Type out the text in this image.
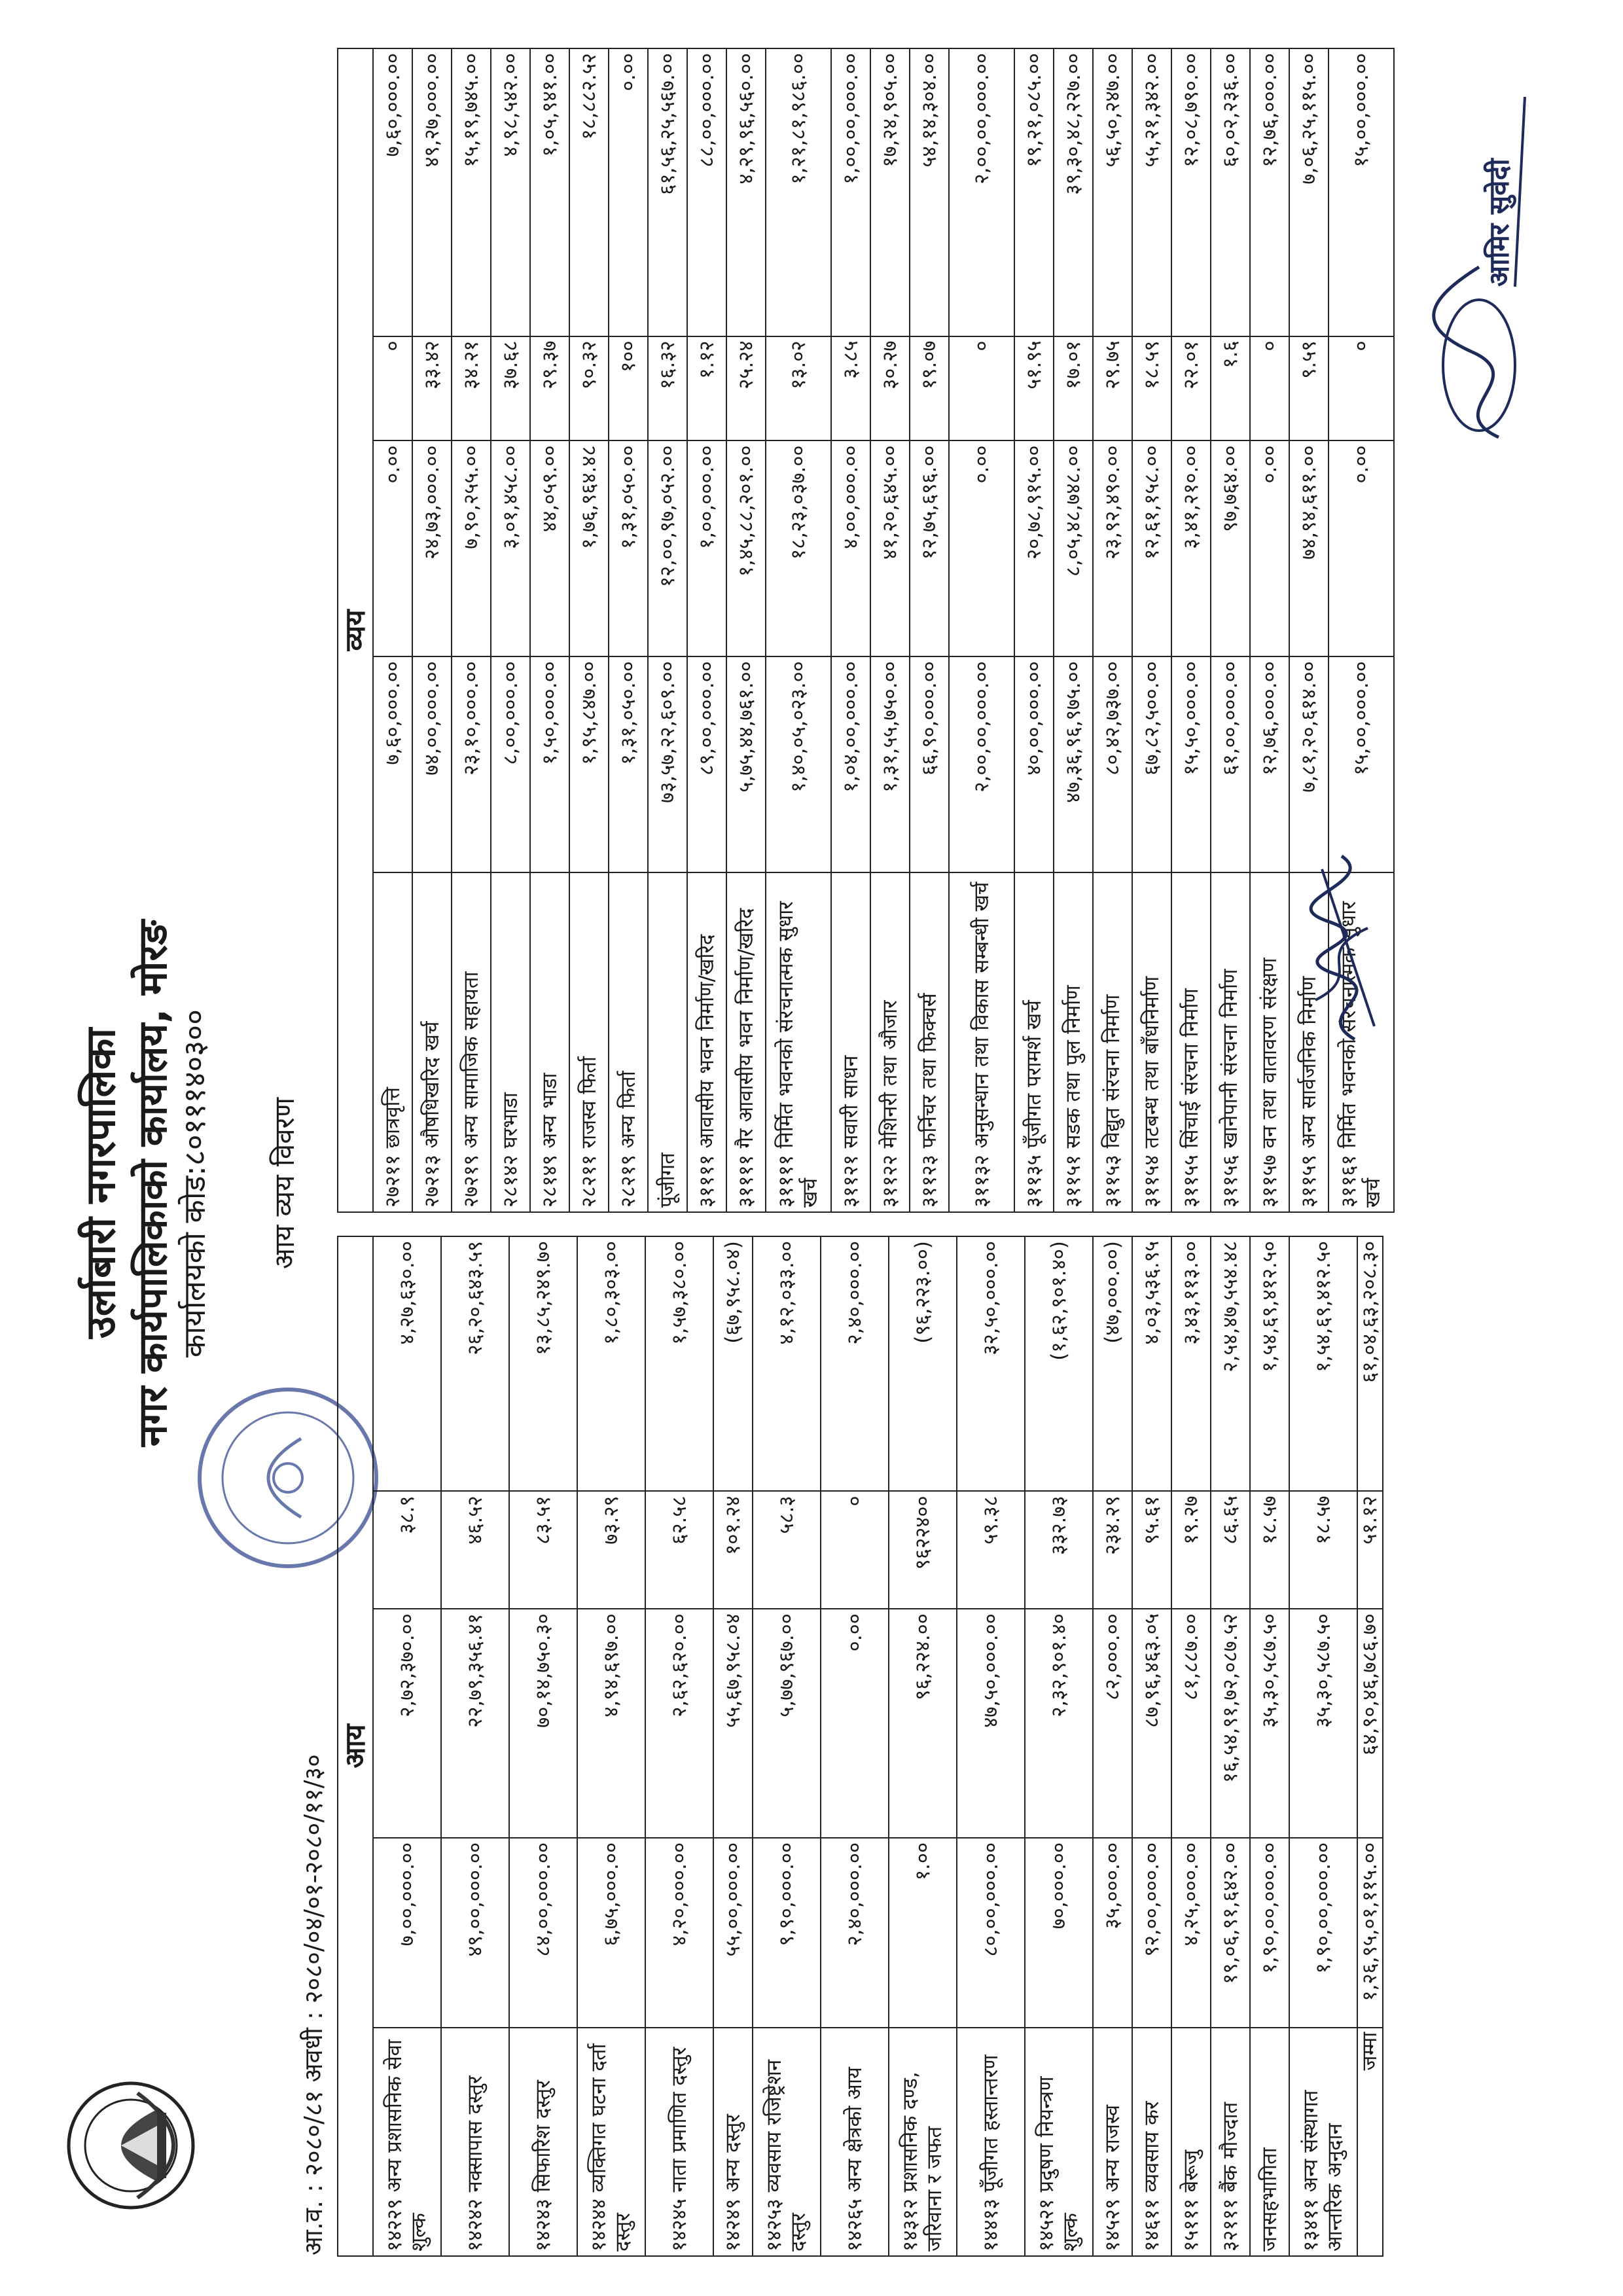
उर्लाबारी नगरपालिका नगर कार्यपालिकाको कार्यालय, मोरङ कार्यालयको कोड:८०१११४०३०० आय व्यय विवरण
आ.व. : २०८०/८१ अवधी : २०८०/०४/०१-२०८०/११/३०
आय				
१४२२९ अन्य प्रशासनिक सेवा शुल्क	७,००,०००.००	२,७२,३७०.००	३८.९	४,२७,६३०.००
१४२४२ नक्सापास दस्तुर	४९,००,०००.००	२२,७९,३५६.४१	४६.५२	२६,२०,६४३.५९
१४२४३ सिफारिश दस्तुर	८४,००,०००.००	७०,१४,७५०.३०	८३.५१	१३,८५,२४९.७०
१४२४४ व्यक्तिगत घटना दर्ता दस्तुर	६,७५,०००.००	४,९४,६९७.००	७३.२९	१,८०,३०३.००
१४२४५ नाता प्रमाणित दस्तुर	४,२०,०००.००	२,६२,६२०.००	६२.५८	१,५७,३८०.००
१४२४९ अन्य दस्तुर	५५,००,०००.००	५५,६७,९५८.०४	१०१.२४	(६७,९५८.०४)
१४२५३ व्यवसाय रजिष्ट्रेशन दस्तुर	९,९०,०००.००	५,७७,९६७.००	५८.३	४,१२,०३३.००
१४२६५ अन्य क्षेत्रको आय	२,४०,०००.००	०.००	०	२,४०,०००.००
१४३१२ प्रशासनिक दण्ड, जरिवाना र जफत	१.००	९६,२२४.००	९६२२४००	(९६,२२३.००)
१४४१३ पूँजीगत हस्तान्तरण	८०,००,०००.००	४७,५०,०००.००	५९.३८	३२,५०,०००.००
१४५२१ प्रदुषण नियन्त्रण शुल्क	७०,०००.००	२,३२,९०१.४०	३३२.७३	(१,६२,९०१.४०)
१४५२९ अन्य राजस्व	३५,०००.००	८२,०००.००	२३४.२९	(४७,०००.००)
१४६११ व्यवसाय कर	९२,००,०००.००	८७,९६,४६३.०५	९५.६१	४,०३,५३६.९५
१५१११ बेरूजु	४,२५,०००.००	८१,८८७.००	१९.२७	३,४३,११३.००
३२१११ बैंक मौज्दात	१९,०६,९१,६४२.००	१६,५४,९१,७२,०८७.५२	८६.६५	२,५४,४७,५५४.४८
जनसहभागिता	१,९०,००,०००.००	३५,३०,५८७.५०	१८.५७	१,५४,६९,४१२.५०
१३४११ अन्य संस्थागत आन्तरिक अनुदान	१,९०,००,०००.००	३५,३०,५८७.५०	१८.५७	१,५४,६९,४१२.५०
जम्मा	१,२६,९५,०१,११५.००	६४,९०,४६,७८६.७०	५१.१२	६१,०४,६३,२०८.३०
व्यय				
२७२११ छात्रवृत्ति	७,६०,०००.००	०.००	०	७,६०,०००.००
२७२१३ औषधिखरिद खर्च	७४,००,०००.००	२४,७३,०००.००	३३.४२	४९,२७,०००.००
२७२१९ अन्य सामाजिक सहायता	२३,१०,०००.००	७,९०,२५५.००	३४.२१	१५,१९,७४५.००
२८१४२ घरभाडा	८,००,०००.००	३,०१,४५८.००	३७.६८	४,९८,५४२.००
२८१४९ अन्य भाडा	१,५०,०००.००	४४,०५९.००	२९.३७	१,०५,९४१.००
२८२११ राजस्व फिर्ता	१,९५,८४७.००	१,७६,९६४.४८	९०.३२	१८,८८२.५२
२८२१९ अन्य फिर्ता	१,३१,०५०.००	१,३१,०५०.००	१००	०.००
पूंजीगत	७३,५७,२२,६०९.००	१२,००,९७,०५२.००	१६.३२	६१,५६,२५,५६७.००
३११११ आवासीय भवन निर्माण/खरिद	८९,००,०००.००	१,००,०००.००	१.१२	८८,००,०००.००
३११११ गैर आवासीय भवन निर्माण/खरिद	५,७५,४४,७६१.००	१,४५,८८,२०१.००	२५.२४	४,२९,९६,५६०.००
३११११ निर्मित भवनको संरचनात्मक सुधार खर्च	१,४०,०५,०२३.००	१८,२३,०३७.००	१३.०२	१,२१,८१,९८६.००
३११२१ सवारी साधन	१,०४,००,०००.००	४,००,०००.००	३.८५	१,००,००,०००.००
३११२२ मेशिनरी तथा औजार	१,३१,५५,७५०.००	४१,२०,६४५.००	३०.२७	१७,२४,९०५.००
३११२३ फर्निचर तथा फिक्चर्स	६६,९०,०००.००	१२,७५,६९६.००	१९.०७	५४,१४,३०४.००
३११३२ अनुसन्धान तथा विकास सम्बन्धी खर्च	२,००,००,०००.००	०.००	०	२,००,००,०००.००
३११३५ पूँजीगत परामर्श खर्च	४०,००,०००.००	२०,७८,९१५.००	५१.९५	१९,२१,०८५.००
३११५१ सडक तथा पुल निर्माण	४७,३६,९६,९७५.००	८,०५,४८,७४८.००	१७.०१	३९,३०,४८,२२७.००
३११५३ विद्युत संरचना निर्माण	८०,४२,७३७.००	२३,९२,४९०.००	२९.७५	५६,५०,२४७.००
३११५४ तटबन्ध तथा बाँधनिर्माण	६७,८२,५००.००	१२,६१,१५८.००	१८.५९	५५,२१,३४२.००
३११५५ सिंचाई संरचना निर्माण	१५,५०,०००.००	३,४१,२१०.००	२२.०१	१२,०८,७९०.००
३११५६ खानेपानी संरचना निर्माण	६१,००,०००.००	९७,७६४.००	१.६	६०,०२,२३६.००
३११५७ वन तथा वातावरण संरक्षण	१२,७६,०००.००	०.००	०	१२,७६,०००.००
३११५९ अन्य सार्वजनिक निर्माण	७,८१,२०,६१४.००	७४,९४,६११.००	९.५९	७,०६,२५,११५.००
३११६१ निर्मित भवनको संरचनात्मक सुधार खर्च	१५,००,०००.००	०.००	०	१५,००,०००.००
आमिर सुवेदी
